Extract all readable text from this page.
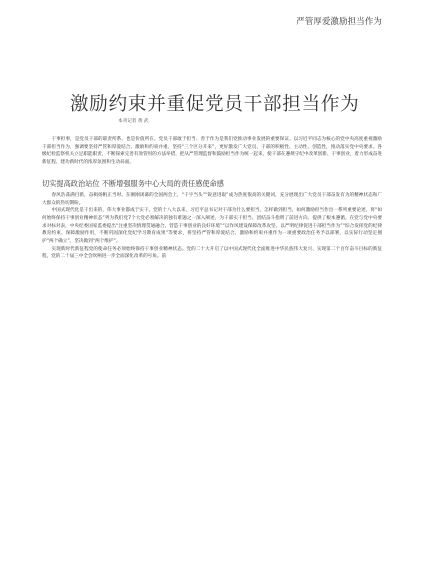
严管厚爱激励担当作为
激励约束并重促党员干部担当作为
本刊记者 黄 武

干事担事，是党员干部的职责所系。也是价值所在。党员干部敢于担当、善于作为是我们党推动事业发展的重要保证。以习近平同志为核心的党中央高度重视激励干部担当作为，强调要坚持严管和厚爱结合、激励和约束并重。坚持“三个区分开来”，更好激发广大党员、干部的积极性、主动性、创造性，推动落实党中央要求。各级纪检监察机关立足职能职责，不断探索完善有效管用的方法举措，把从严管理监督和鼓励担当作为统一起来，使干部在遵规守纪中改革创新、干事创业，着力形成奋进新征程、建功新时代的浓厚氛围和生动局面。

切实提高政治站位 不断增强服务中心大局的责任感使命感

春风浩荡满目新，奋楫扬帆正当时。在刚刚闭幕的全国两会上，“干字当头”“锐意进取”成为热度很高的关键词，充分展现出广大党员干部奋发有为的精神状态和广大群众的热切期盼。

中国式现代化是干出来的，伟大事业都成于实干。党的十八大以来，习近平总书记对干部为什么要担当、怎样做到担当、如何激励担当作出一系列重要论述，将“如何始终保持干事创业精神状态”列为我们党7个大党必须解决的独有难题之一深入阐述，为干部实干担当、团结奋斗指明了前进方向、提供了根本遵循。在党与党中央要求对标对表，中央纪委国家监委提出“注重坚决情理贯通融合，营造干事创业的良好环境”“以作风建设保障改革攻坚，以严明纪律促进干部担当作为”“综合发挥党的纪律教育约束、保障激励作用，不断巩固深化党纪学习教育成果”等要求，将坚持严管和厚爱结合、激励和约束并重作为一项重要政治任务予以部署，以实际行动坚定拥护“两个确立”、坚决做到“两个维护”。

实现新时代新征程党的使命任务必须始终保持干事创业精神状态。党的二十大开启了以中国式现代化全面推进中华民族伟大复兴、实现第二个百年奋斗目标的新征程，党的二十届三中全会吹响进一步全面深化改革的号角。前
